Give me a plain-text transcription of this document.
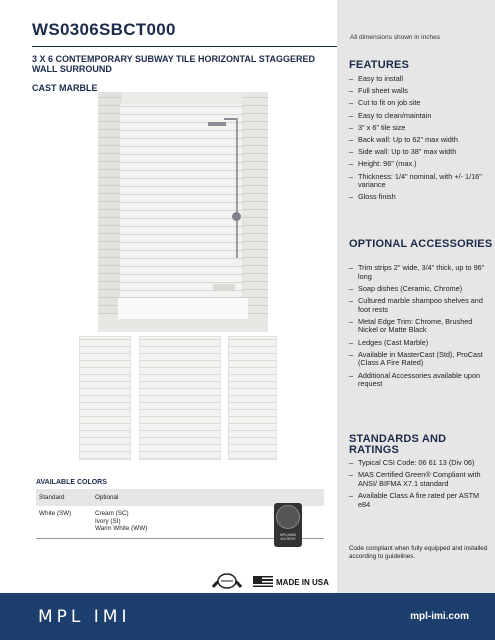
WS0306SBCT000	All dimensions shown in inches
3 X 6 CONTEMPORARY SUBWAY TILE HORIZONTAL STAGGERED WALL SURROUND
CAST MARBLE
AVAILABLE COLORS
Standard	Optional
White (SW)	Cream (SC)
Ivory (SI)
Warm White (WW)
MPL|MIMI ACHIEVE
MADE IN USA
FEATURES
– Easy to install
– Full sheet walls
– Cut to fit on job site
– Easy to clean/maintain
– 3" x 6" tile size
– Back wall: Up to 62" max width
– Side wall: Up to 38" max width
– Height: 96" (max.)
– Thickness: 1/4" nominal, with +/- 1/16" variance
– Gloss finish
OPTIONAL ACCESSORIES
– Trim strips 2" wide, 3/4" thick, up to 96" long
– Soap dishes (Ceramic, Chrome)
– Cultured marble shampoo shelves and foot rests
– Metal Edge Trim: Chrome, Brushed Nickel or Matte Black
– Ledges (Cast Marble)
– Available in MasterCast (Std), ProCast (Class A Fire Rated)
– Additional Accessories available upon request
STANDARDS AND RATINGS
– Typical CSI Code: 06 61 13 (Div 06)
– MAS Certified Green® Compliant with ANSI/ BIFMA X7.1 standard
– Available Class A fire rated per ASTM e84
Code compliant when fully equipped and installed according to guidelines.
MPL IMI	mpl-imi.com
